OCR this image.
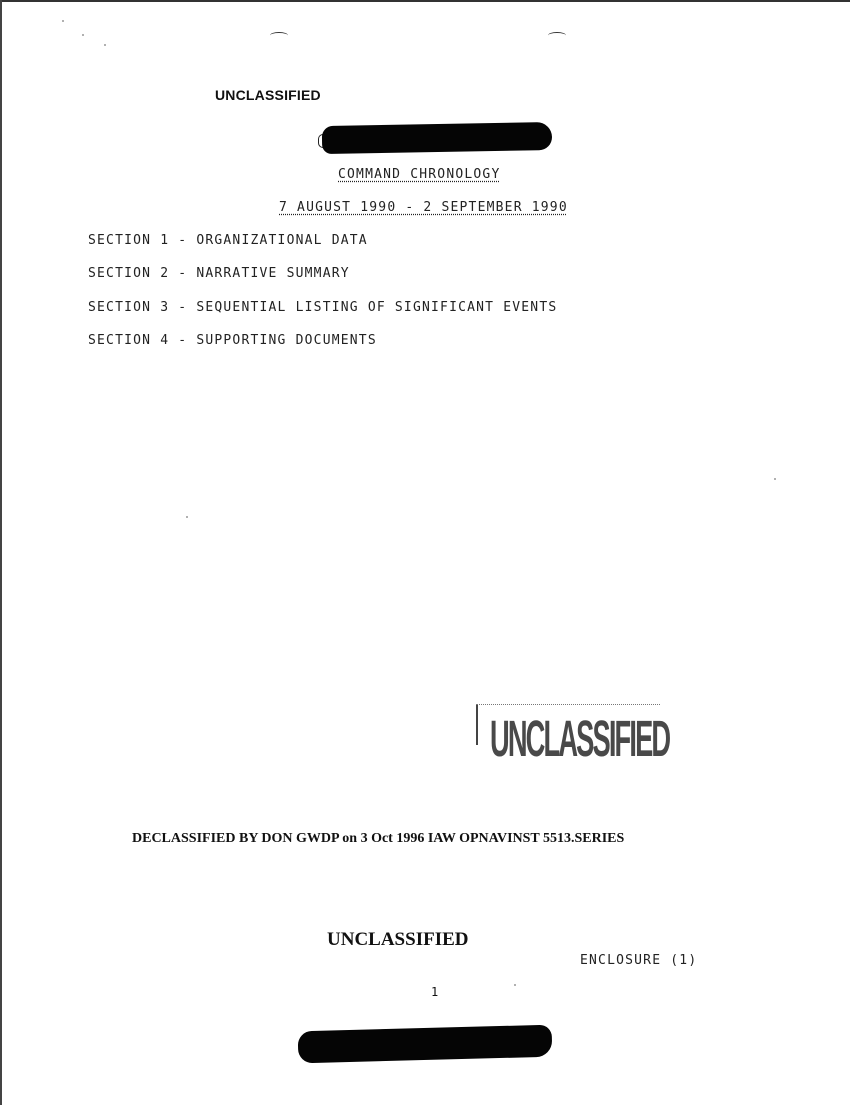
UNCLASSIFIED
COMMAND CHRONOLOGY
7 AUGUST 1990 - 2 SEPTEMBER 1990
SECTION 1 - ORGANIZATIONAL DATA
SECTION 2 - NARRATIVE SUMMARY
SECTION 3 - SEQUENTIAL LISTING OF SIGNIFICANT EVENTS
SECTION 4 - SUPPORTING DOCUMENTS
UNCLASSIFIED
DECLASSIFIED BY DON GWDP on 3 Oct 1996 IAW OPNAVINST 5513.SERIES
UNCLASSIFIED
ENCLOSURE (1)
1
